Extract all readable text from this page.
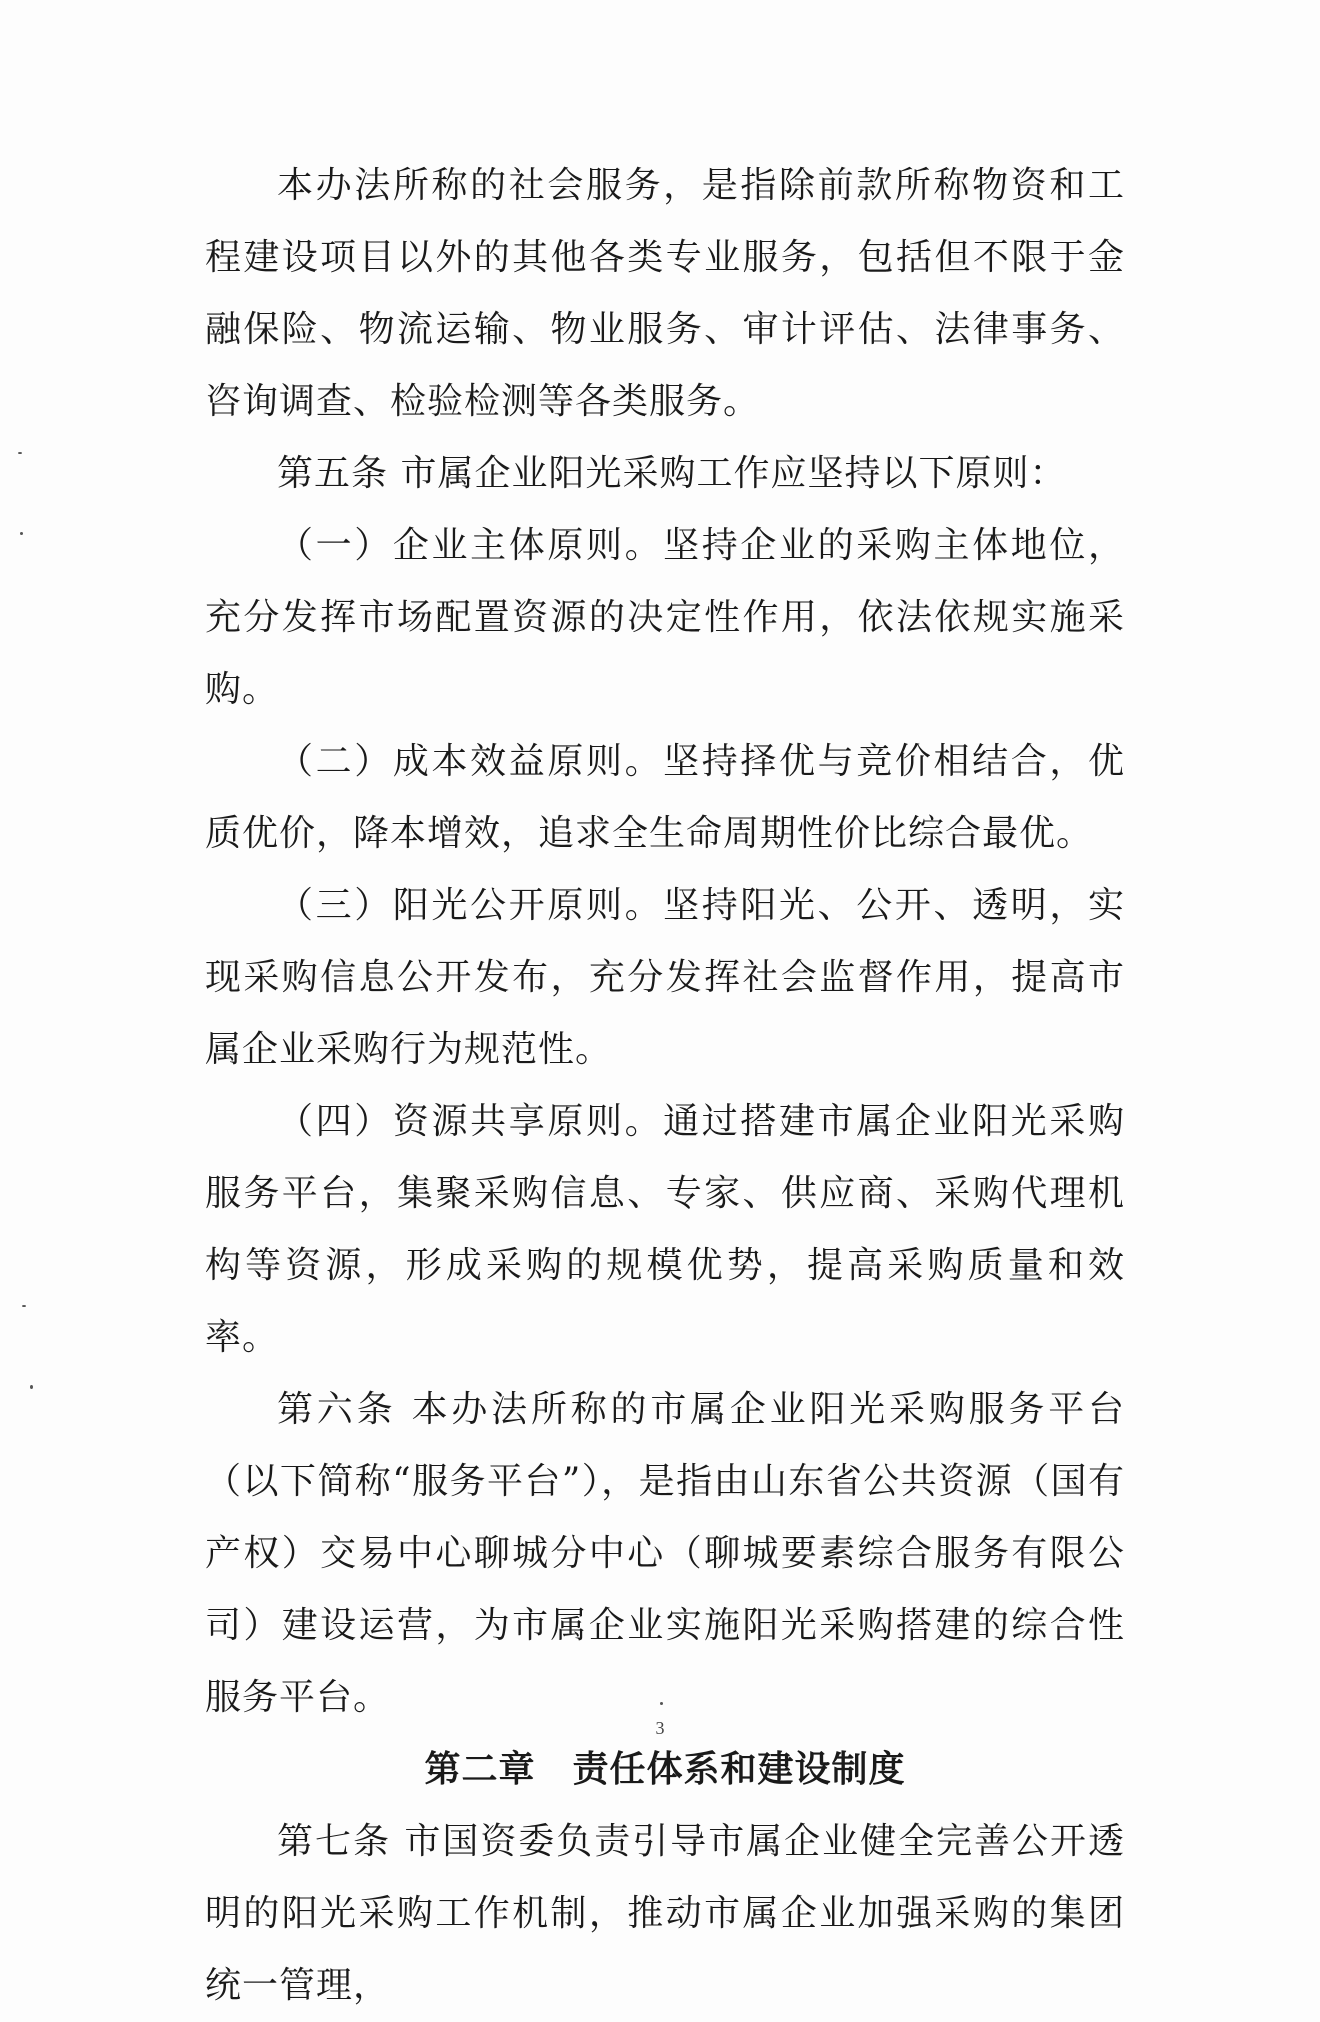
本办法所称的社会服务，是指除前款所称物资和工程建设项目以外的其他各类专业服务，包括但不限于金融保险、物流运输、物业服务、审计评估、法律事务、咨询调查、检验检测等各类服务。

第五条 市属企业阳光采购工作应坚持以下原则：

（一）企业主体原则。坚持企业的采购主体地位，充分发挥市场配置资源的决定性作用，依法依规实施采购。

（二）成本效益原则。坚持择优与竞价相结合，优质优价，降本增效，追求全生命周期性价比综合最优。

（三）阳光公开原则。坚持阳光、公开、透明，实现采购信息公开发布，充分发挥社会监督作用，提高市属企业采购行为规范性。

（四）资源共享原则。通过搭建市属企业阳光采购服务平台，集聚采购信息、专家、供应商、采购代理机构等资源，形成采购的规模优势，提高采购质量和效率。

第六条 本办法所称的市属企业阳光采购服务平台（以下简称“服务平台”），是指由山东省公共资源（国有产权）交易中心聊城分中心（聊城要素综合服务有限公司）建设运营，为市属企业实施阳光采购搭建的综合性服务平台。

第二章　责任体系和建设制度

第七条 市国资委负责引导市属企业健全完善公开透明的阳光采购工作机制，推动市属企业加强采购的集团统一管理，

3
